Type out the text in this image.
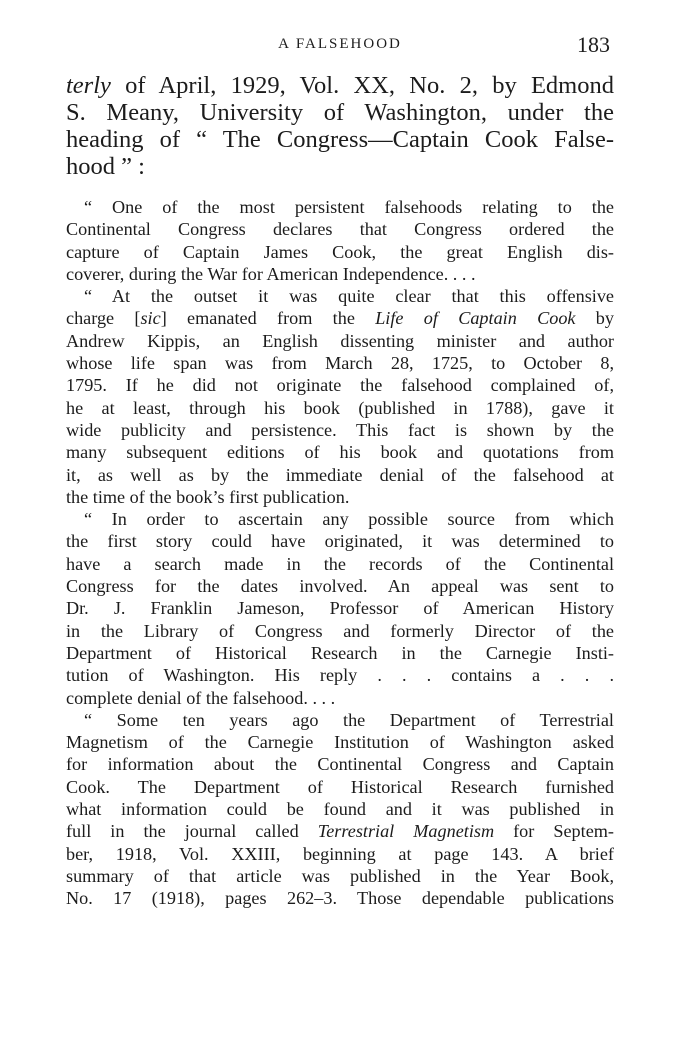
A FALSEHOOD	183
terly of April, 1929, Vol. XX, No. 2, by Edmond
S. Meany, University of Washington, under the
heading of “ The Congress—Captain Cook False-
hood ” :
“ One of the most persistent falsehoods relating to the
Continental Congress declares that Congress ordered the
capture of Captain James Cook, the great English dis-
coverer, during the War for American Independence. . . .
“ At the outset it was quite clear that this offensive
charge [sic] emanated from the Life of Captain Cook by
Andrew Kippis, an English dissenting minister and author
whose life span was from March 28, 1725, to October 8,
1795. If he did not originate the falsehood complained of,
he at least, through his book (published in 1788), gave it
wide publicity and persistence. This fact is shown by the
many subsequent editions of his book and quotations from
it, as well as by the immediate denial of the falsehood at
the time of the book’s first publication.
“ In order to ascertain any possible source from which
the first story could have originated, it was determined to
have a search made in the records of the Continental
Congress for the dates involved. An appeal was sent to
Dr. J. Franklin Jameson, Professor of American History
in the Library of Congress and formerly Director of the
Department of Historical Research in the Carnegie Insti-
tution of Washington. His reply . . . contains a . . .
complete denial of the falsehood. . . .
“ Some ten years ago the Department of Terrestrial
Magnetism of the Carnegie Institution of Washington asked
for information about the Continental Congress and Captain
Cook. The Department of Historical Research furnished
what information could be found and it was published in
full in the journal called Terrestrial Magnetism for Septem-
ber, 1918, Vol. XXIII, beginning at page 143. A brief
summary of that article was published in the Year Book,
No. 17 (1918), pages 262–3. Those dependable publications
